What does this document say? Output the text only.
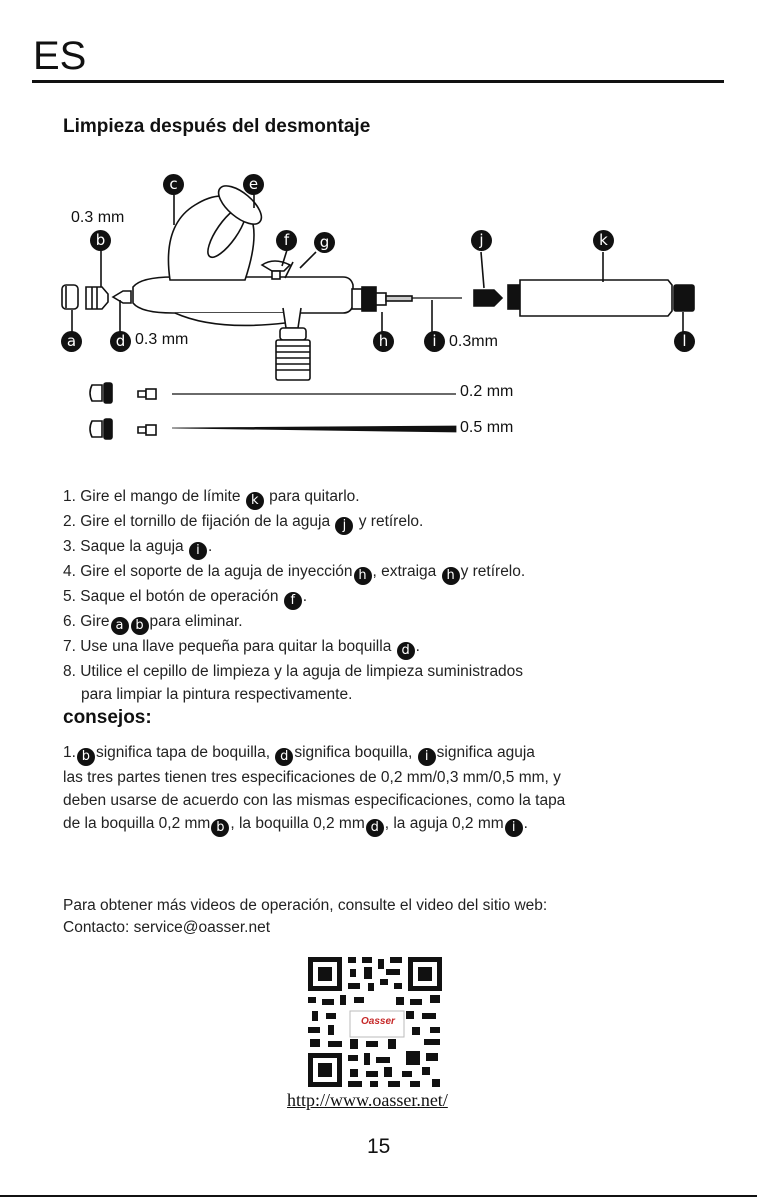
ES
Limpieza después del desmontaje
c	e
0.3 mm
b	f	g	j	k
a	d 0.3 mm	h	i 0.3mm	l
0.2 mm
0.5 mm
1. Gire el mango de límite k para quitarlo.
2. Gire el tornillo de fijación de la aguja j y retírelo.
3. Saque la aguja i .
4. Gire el soporte de la aguja de inyección h , extraiga h y retírelo.
5. Saque el botón de operación f .
6. Gire a b para eliminar.
7. Use una llave pequeña para quitar la boquilla d .
8. Utilice el cepillo de limpieza y la aguja de limpieza suministrados
para limpiar la pintura respectivamente.
consejos:
1. b significa tapa de boquilla, d significa boquilla, i significa aguja
las tres partes tienen tres especificaciones de 0,2 mm/0,3 mm/0,5 mm, y
deben usarse de acuerdo con las mismas especificaciones, como la tapa
de la boquilla 0,2 mm b , la boquilla 0,2 mm d , la aguja 0,2 mm i .
Para obtener más videos de operación, consulte el video del sitio web:
Contacto: service@oasser.net
Oasser
http://www.oasser.net/
15
